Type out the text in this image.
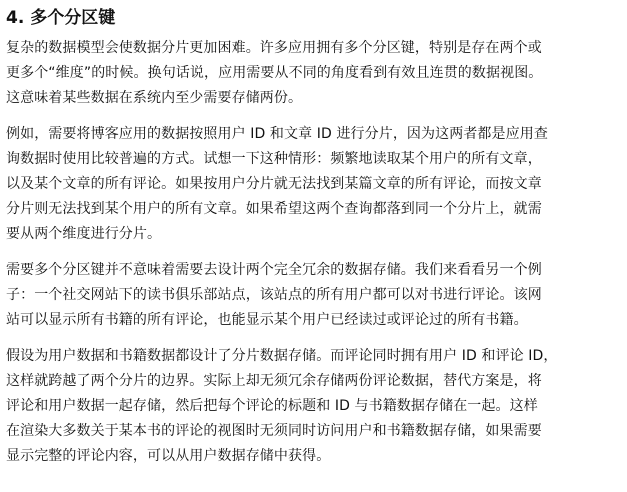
4. 多个分区键
复杂的数据模型会使数据分片更加困难。许多应用拥有多个分区键，特别是存在两个或
更多个“维度”的时候。换句话说，应用需要从不同的角度看到有效且连贯的数据视图。
这意味着某些数据在系统内至少需要存储两份。
例如，需要将博客应用的数据按照用户 ID 和文章 ID 进行分片，因为这两者都是应用查
询数据时使用比较普遍的方式。试想一下这种情形：频繁地读取某个用户的所有文章，
以及某个文章的所有评论。如果按用户分片就无法找到某篇文章的所有评论，而按文章
分片则无法找到某个用户的所有文章。如果希望这两个查询都落到同一个分片上，就需
要从两个维度进行分片。
需要多个分区键并不意味着需要去设计两个完全冗余的数据存储。我们来看看另一个例
子：一个社交网站下的读书俱乐部站点，该站点的所有用户都可以对书进行评论。该网
站可以显示所有书籍的所有评论，也能显示某个用户已经读过或评论过的所有书籍。
假设为用户数据和书籍数据都设计了分片数据存储。而评论同时拥有用户 ID 和评论 ID，
这样就跨越了两个分片的边界。实际上却无须冗余存储两份评论数据，替代方案是，将
评论和用户数据一起存储，然后把每个评论的标题和 ID 与书籍数据存储在一起。这样
在渲染大多数关于某本书的评论的视图时无须同时访问用户和书籍数据存储，如果需要
显示完整的评论内容，可以从用户数据存储中获得。
